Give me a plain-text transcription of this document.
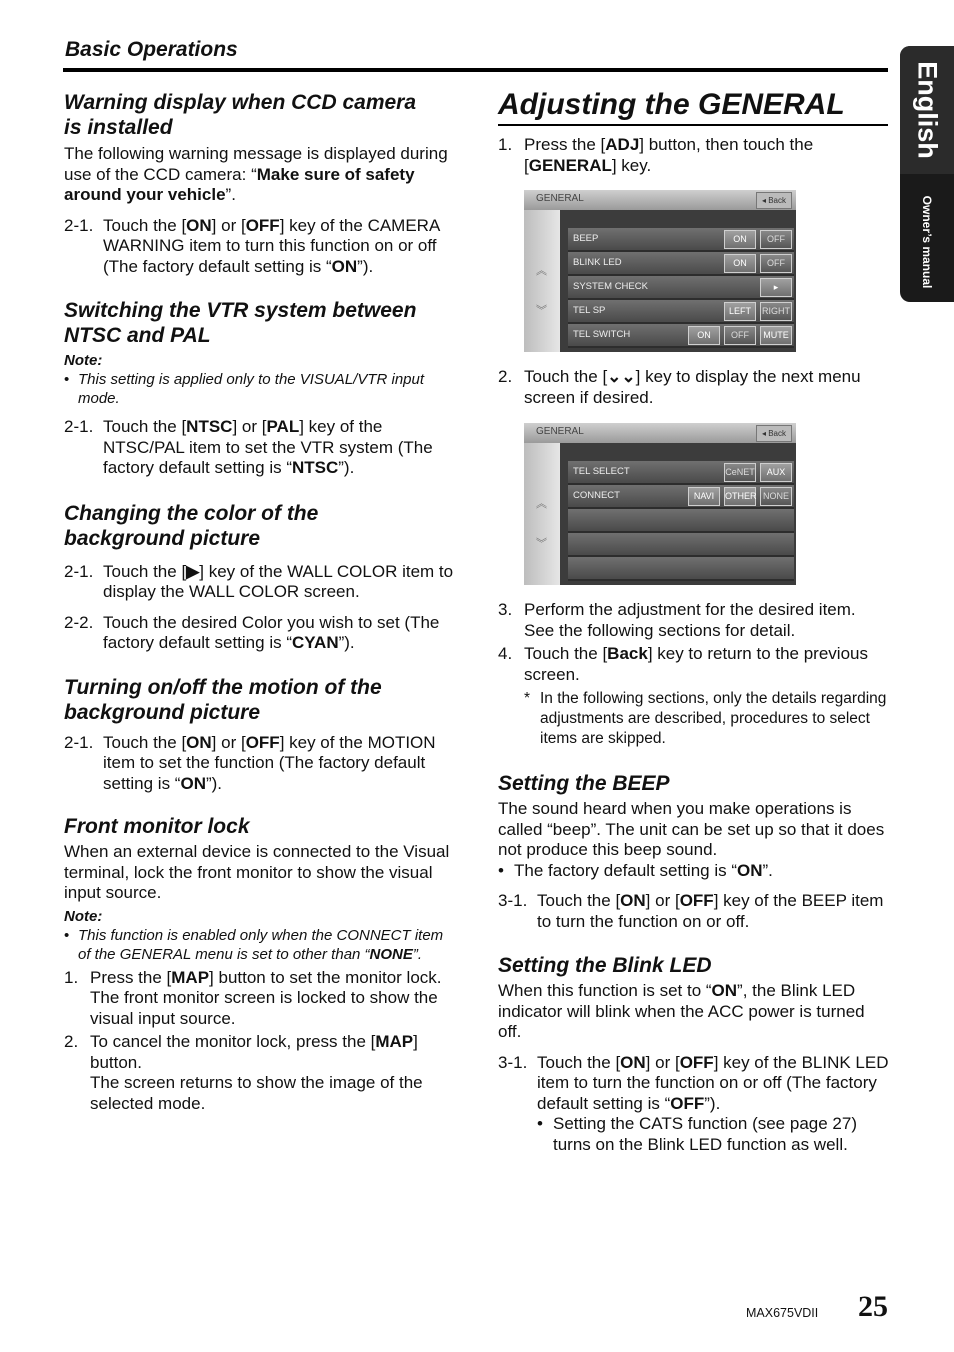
Basic Operations
English
Owner’s manual
Warning display when CCD camera
is installed

The following warning message is displayed during use of the CCD camera: “Make sure of safety around your vehicle”.

2-1. Touch the [ON] or [OFF] key of the CAMERA WARNING item to turn this function on or off (The factory default setting is “ON”).
Switching the VTR system between
NTSC and PAL
Note:
• This setting is applied only to the VISUAL/VTR input mode.
2-1. Touch the [NTSC] or [PAL] key of the NTSC/PAL item to set the VTR system (The factory default setting is “NTSC”).
Changing the color of the
background picture
2-1. Touch the [▶] key of the WALL COLOR item to display the WALL COLOR screen.
2-2. Touch the desired Color you wish to set (The factory default setting is “CYAN”).
Turning on/off the motion of the
background picture
2-1. Touch the [ON] or [OFF] key of the MOTION item to set the function (The factory default setting is “ON”).
Front monitor lock

When an external device is connected to the Visual terminal, lock the front monitor to show the visual input source.

Note:
• This function is enabled only when the CONNECT item of the GENERAL menu is set to other than “NONE”.
1. Press the [MAP] button to set the monitor lock.
The front monitor screen is locked to show the visual input source.
2. To cancel the monitor lock, press the [MAP] button.
The screen returns to show the image of the selected mode.
Adjusting the GENERAL
1. Press the [ADJ] button, then touch the [GENERAL] key.
GENERAL	◂ Back
︽
︾
BEEP	ON	OFF
BLINK LED	ON	OFF
SYSTEM CHECK	▸
TEL SP	LEFT	RIGHT
TEL SWITCH	ON	OFF	MUTE
2. Touch the [⌄⌄] key to display the next menu screen if desired.
GENERAL	◂ Back
︽
︾
TEL SELECT	CeNET	AUX
CONNECT	NAVI	OTHER NONE
3. Perform the adjustment for the desired item. See the following sections for detail.
4. Touch the [Back] key to return to the previous screen.
* In the following sections, only the details regarding adjustments are described, procedures to select items are skipped.
Setting the BEEP

The sound heard when you make operations is called “beep”. The unit can be set up so that it does not produce this beep sound.

• The factory default setting is “ON”.
3-1. Touch the [ON] or [OFF] key of the BEEP item to turn the function on or off.
Setting the Blink LED

When this function is set to “ON”, the Blink LED indicator will blink when the ACC power is turned off.

3-1. Touch the [ON] or [OFF] key of the BLINK LED item to turn the function on or off (The factory default setting is “OFF”).
• Setting the CATS function (see page 27) turns on the Blink LED function as well.
MAX675VDII 25
